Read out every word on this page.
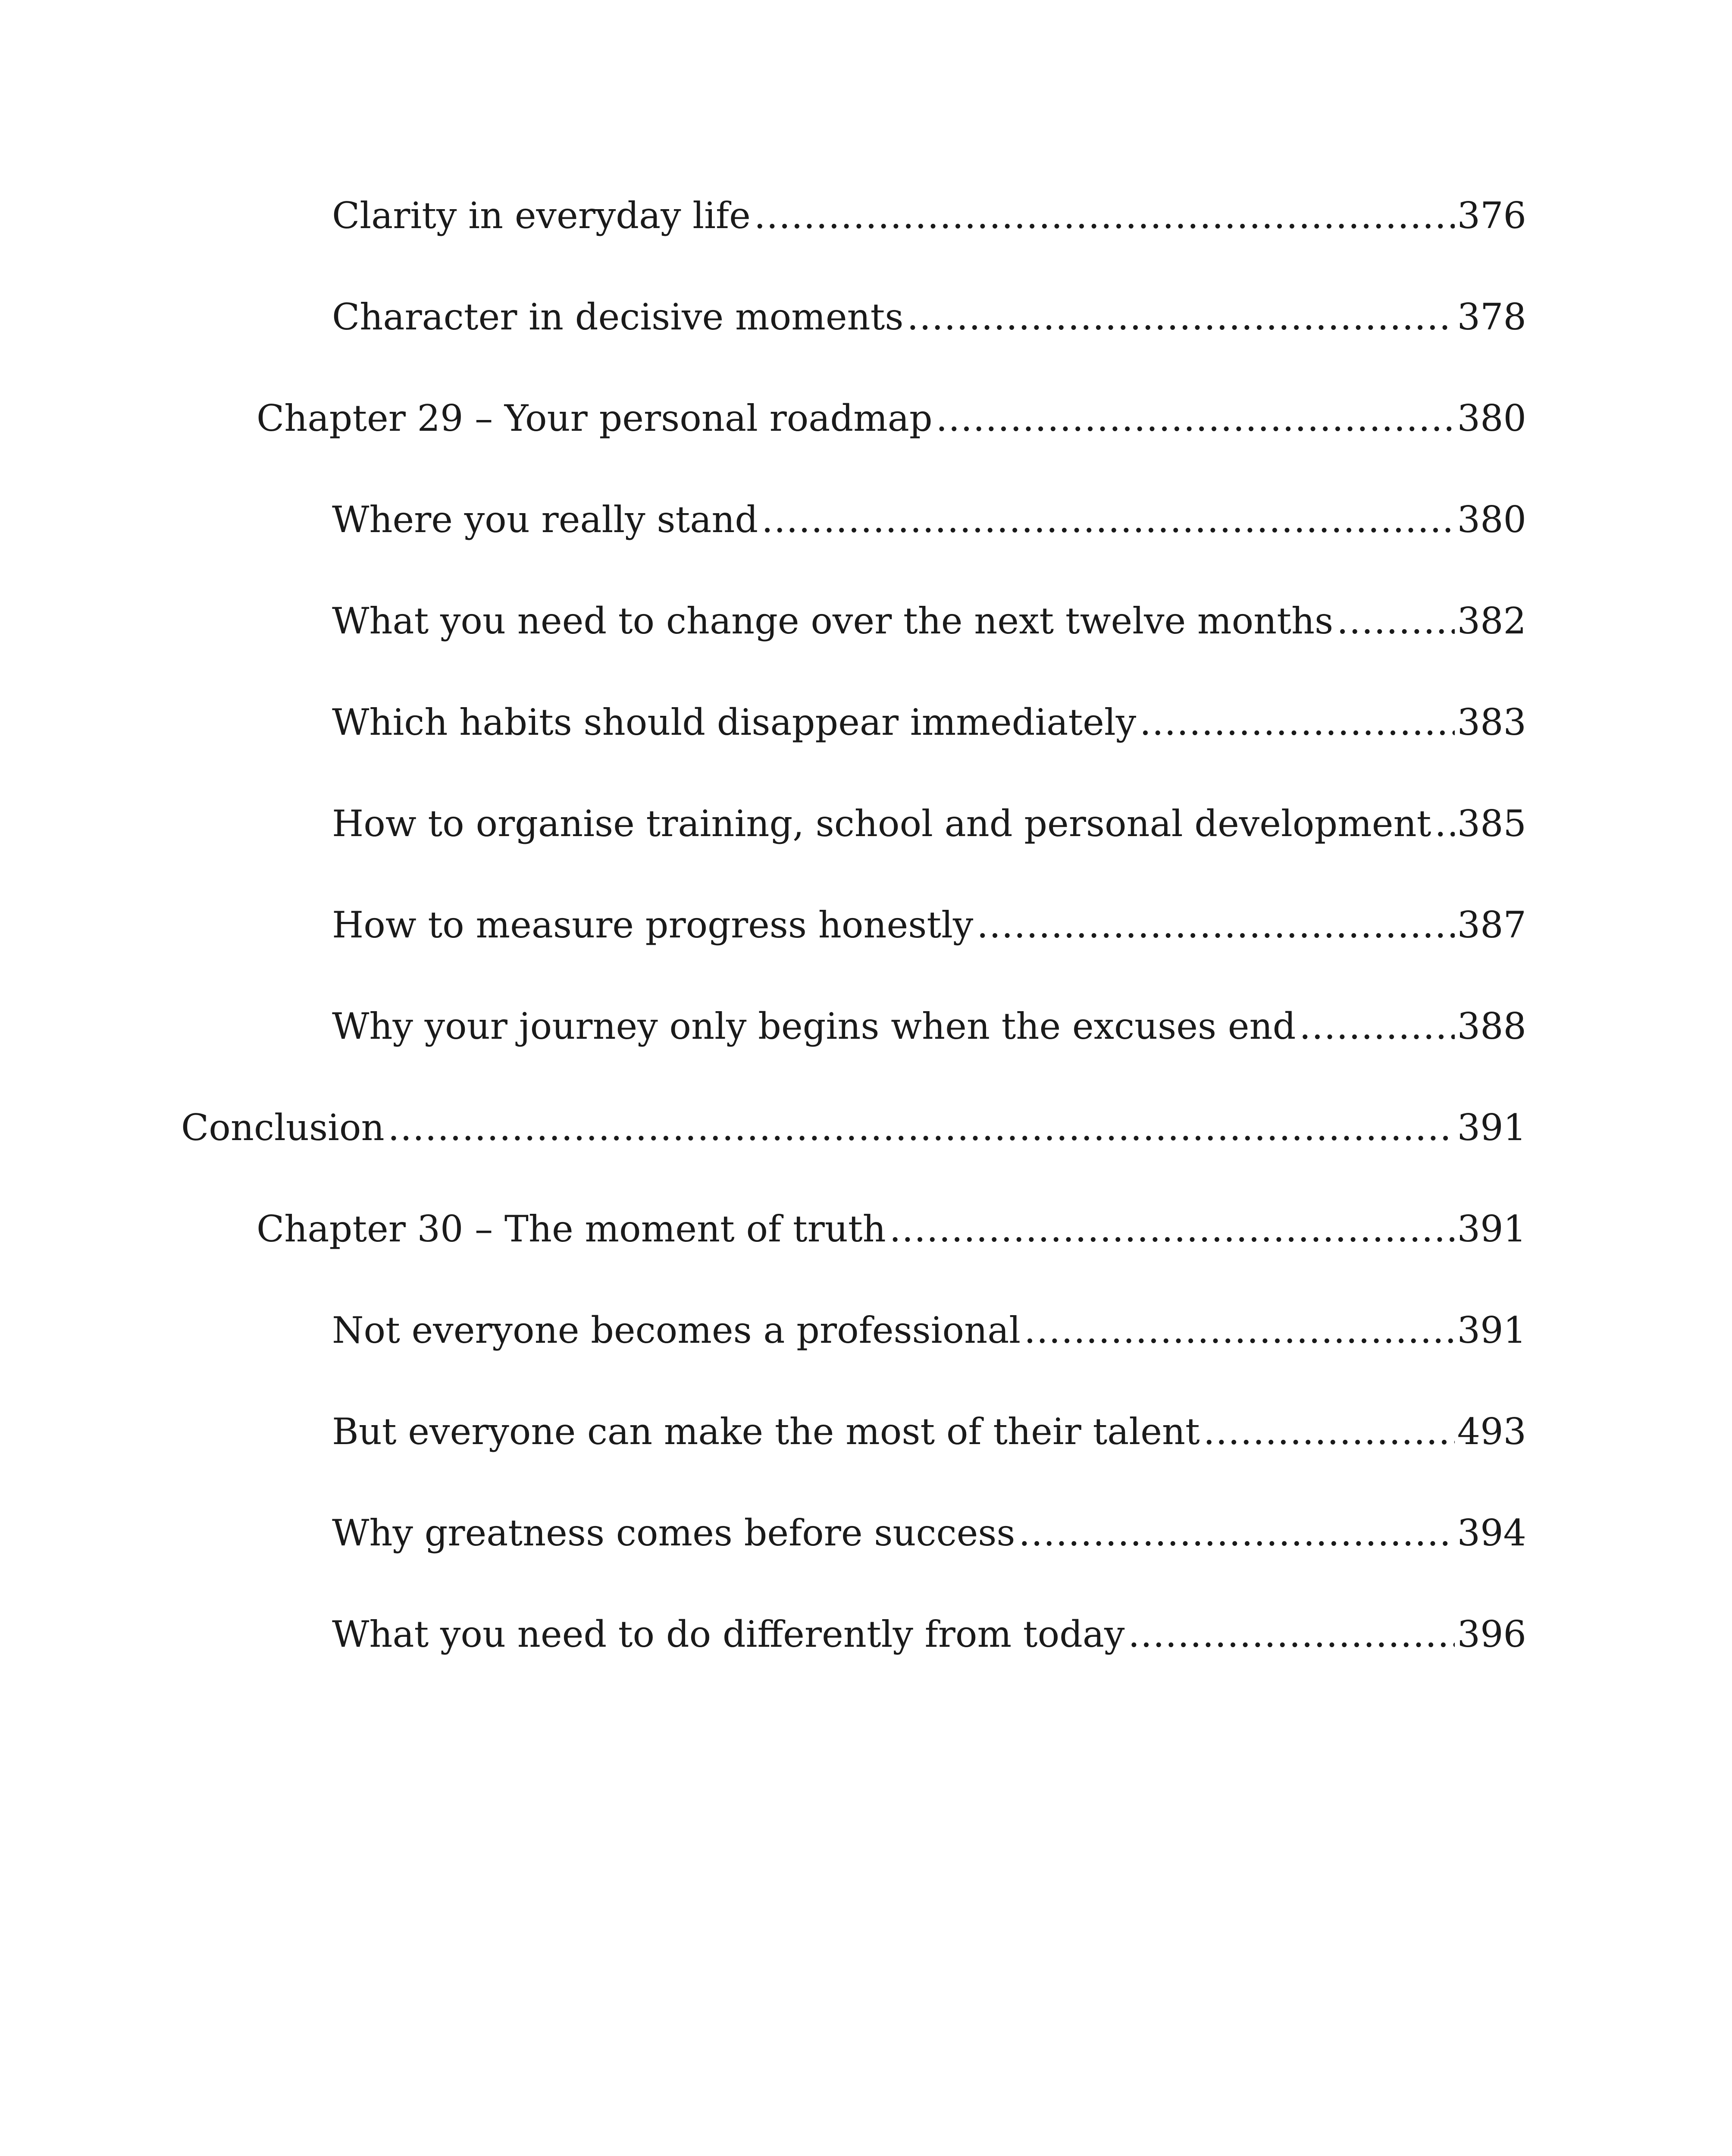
Clarity in everyday life .....	376
Character in decisive moments .....	378
Chapter 29 – Your personal roadmap .....	380
Where you really stand .....	380
What you need to change over the next twelve months .....	382
Which habits should disappear immediately .....	383
How to organise training, school and personal development ..... 385
How to measure progress honestly .....	387
Why your journey only begins when the excuses end .....	388
Conclusion .....	391
Chapter 30 – The moment of truth .....	391
Not everyone becomes a professional .....	391
But everyone can make the most of their talent .....	493
Why greatness comes before success .....	394
What you need to do differently from today .....	396
